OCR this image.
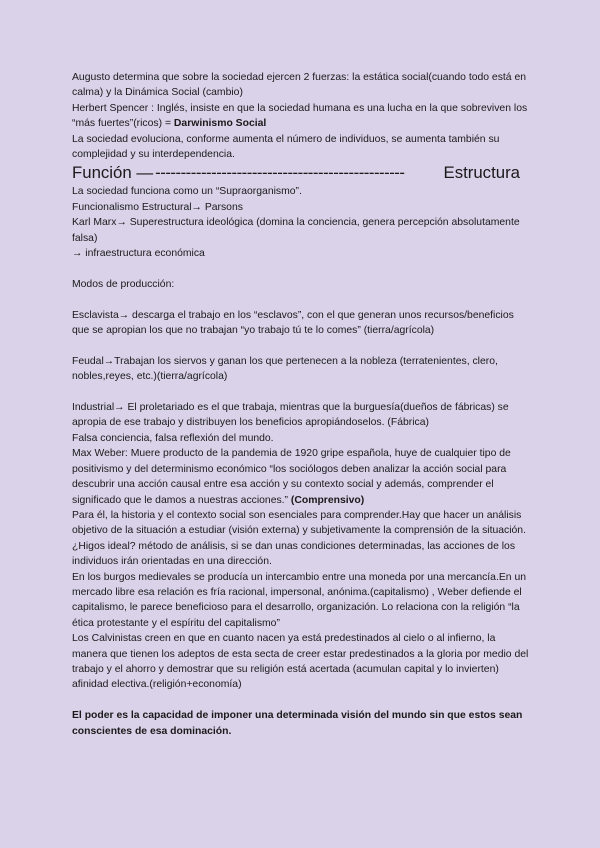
Augusto determina que sobre la sociedad ejercen 2 fuerzas: la estática social(cuando todo está en calma) y la Dinámica Social (cambio)

Herbert Spencer : Inglés, insiste en que la sociedad humana es una lucha en la que sobreviven los “más fuertes”(ricos) = Darwinismo Social

La sociedad evoluciona, conforme aumenta el número de individuos, se aumenta también su complejidad y su interdependencia.

Función — -------------------------------------------------	Estructura

La sociedad funciona como un “Supraorganismo”.

Funcionalismo Estructural→ Parsons

Karl Marx→ Superestructura ideológica (domina la conciencia, genera percepción absolutamente falsa)

→ infraestructura económica

Modos de producción:

Esclavista→ descarga el trabajo en los “esclavos”, con el que generan unos recursos/beneficios que se apropian los que no trabajan “yo trabajo tú te lo comes” (tierra/agrícola)

Feudal→Trabajan los siervos y ganan los que pertenecen a la nobleza (terratenientes, clero, nobles,reyes, etc.)(tierra/agrícola)

Industrial→ El proletariado es el que trabaja, mientras que la burguesía(dueños de fábricas) se apropia de ese trabajo y distribuyen los beneficios apropiándoselos. (Fábrica)

Falsa conciencia, falsa reflexión del mundo.

Max Weber: Muere producto de la pandemia de 1920 gripe española, huye de cualquier tipo de positivismo y del determinismo económico “los sociólogos deben analizar la acción social para descubrir una acción causal entre esa acción y su contexto social y además, comprender el significado que le damos a nuestras acciones.” (Comprensivo)

Para él, la historia y el contexto social son esenciales para comprender.Hay que hacer un análisis objetivo de la situación a estudiar (visión externa) y subjetivamente la comprensión de la situación.

¿Higos ideal? método de análisis, si se dan unas condiciones determinadas, las acciones de los individuos irán orientadas en una dirección.

En los burgos medievales se producía un intercambio entre una moneda por una mercancía.En un mercado libre esa relación es fría racional, impersonal, anónima.(capitalismo) , Weber defiende el capitalismo, le parece beneficioso para el desarrollo, organización. Lo relaciona con la religión “la ética protestante y el espíritu del capitalismo”

Los Calvinistas creen en que en cuanto nacen ya está predestinados al cielo o al infierno, la manera que tienen los adeptos de esta secta de creer estar predestinados a la gloria por medio del trabajo y el ahorro y demostrar que su religión está acertada (acumulan capital y lo invierten)

afinidad electiva.(religión+economía)

El poder es la capacidad de imponer una determinada visión del mundo sin que estos sean conscientes de esa dominación.
